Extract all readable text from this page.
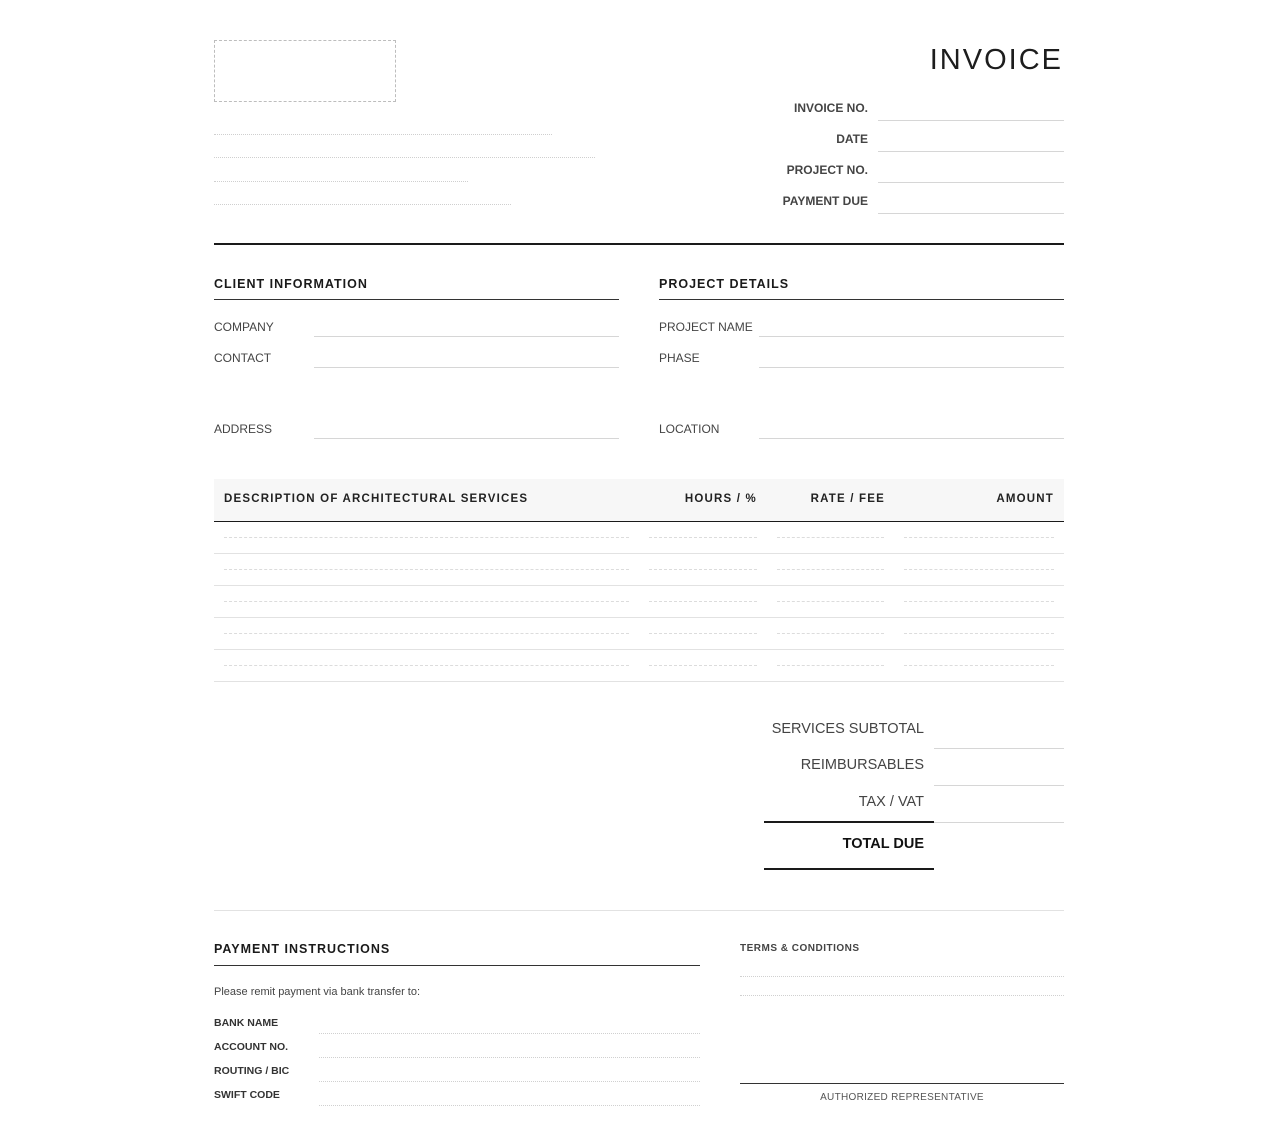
INVOICE
INVOICE NO.
DATE
PROJECT NO.
PAYMENT DUE
CLIENT INFORMATION
COMPANY
CONTACT
ADDRESS
PROJECT DETAILS
PROJECT NAME
PHASE
LOCATION
DESCRIPTION OF ARCHITECTURAL SERVICES	HOURS / %	RATE / FEE	AMOUNT
SERVICES SUBTOTAL
REIMBURSABLES
TAX / VAT
TOTAL DUE
PAYMENT INSTRUCTIONS
Please remit payment via bank transfer to:
BANK NAME
ACCOUNT NO.
ROUTING / BIC
SWIFT CODE
TERMS & CONDITIONS
AUTHORIZED REPRESENTATIVE
